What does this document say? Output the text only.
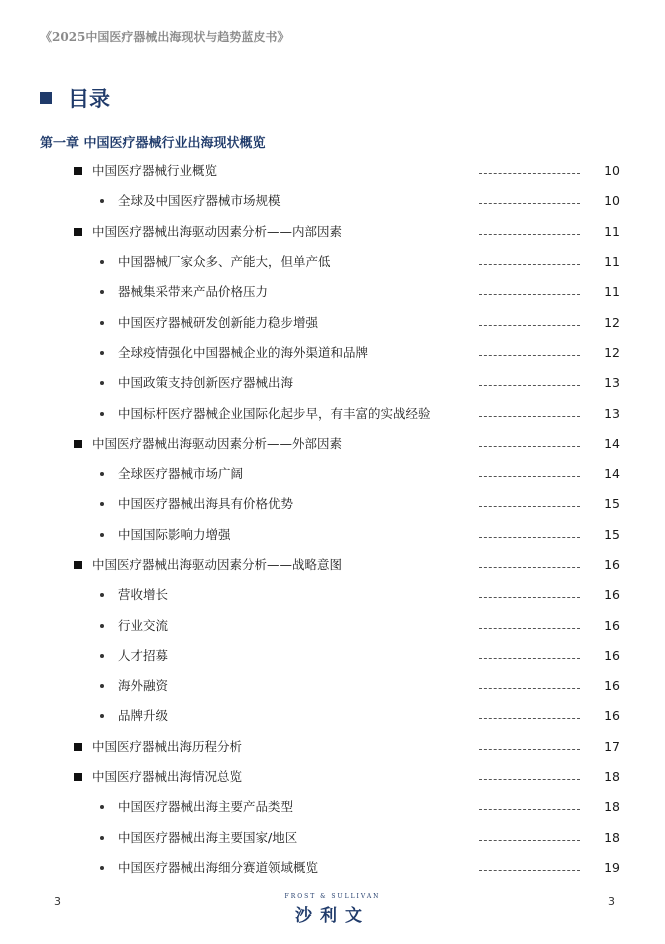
《2025中国医疗器械出海现状与趋势蓝皮书》
目录
第一章 中国医疗器械行业出海现状概览
中国医疗器械行业概览	10
全球及中国医疗器械市场规模	10
中国医疗器械出海驱动因素分析——内部因素	11
中国器械厂家众多、产能大，但单产低	11
器械集采带来产品价格压力	11
中国医疗器械研发创新能力稳步增强	12
全球疫情强化中国器械企业的海外渠道和品牌	12
中国政策支持创新医疗器械出海	13
中国标杆医疗器械企业国际化起步早，有丰富的实战经验	13
中国医疗器械出海驱动因素分析——外部因素	14
全球医疗器械市场广阔	14
中国医疗器械出海具有价格优势	15
中国国际影响力增强	15
中国医疗器械出海驱动因素分析——战略意图	16
营收增长	16
行业交流	16
人才招募	16
海外融资	16
品牌升级	16
中国医疗器械出海历程分析	17
中国医疗器械出海情况总览	18
中国医疗器械出海主要产品类型	18
中国医疗器械出海主要国家/地区	18
中国医疗器械出海细分赛道领域概览	19
3	FROST & SULLIVAN
沙利文
3
